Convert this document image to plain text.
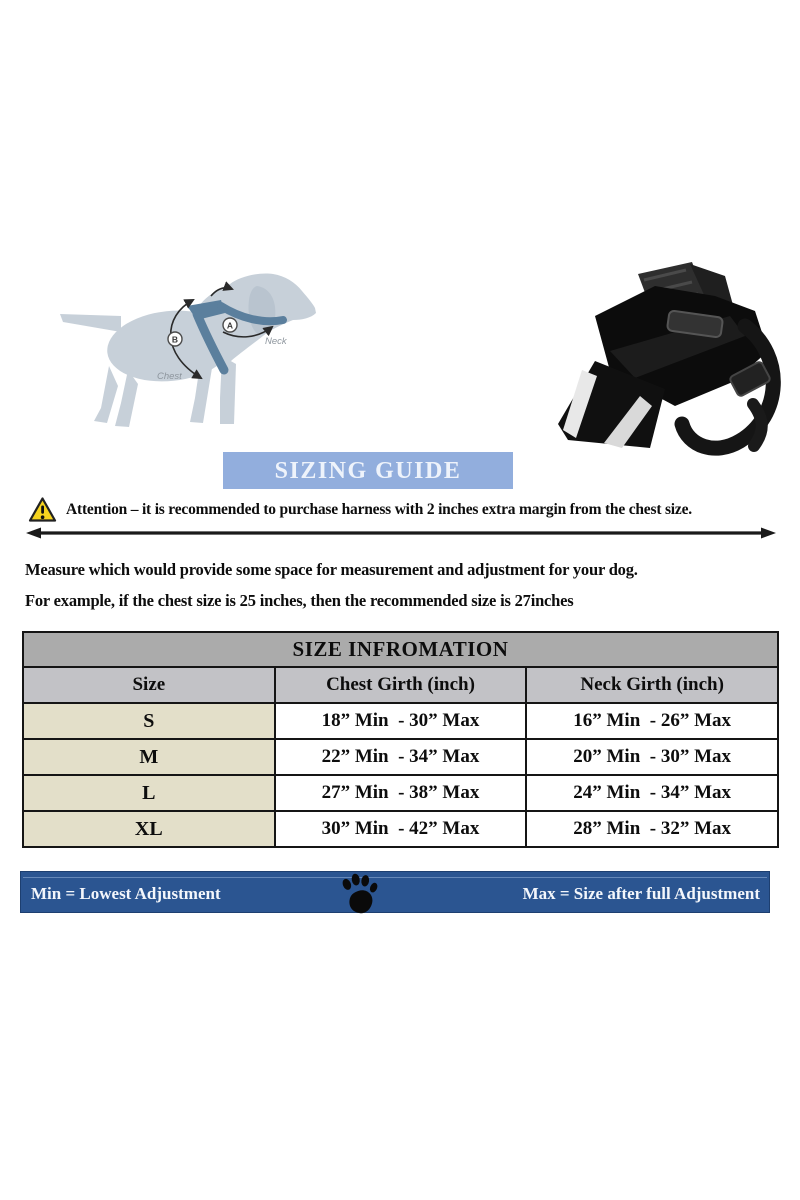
B
A
Neck
Chest
SIZING GUIDE
Attention – it is recommended to purchase harness with 2 inches extra margin from the chest size.
Measure which would provide some space for measurement and adjustment for your dog.
For example, if the chest size is 25 inches, then the recommended size is 27inches
SIZE INFROMATION		
Size	Chest Girth (inch)	Neck Girth (inch)
S	18” Min  - 30” Max	16” Min  - 26” Max
M	22” Min  - 34” Max	20” Min  - 30” Max
L	27” Min  - 38” Max	24” Min  - 34” Max
XL	30” Min  - 42” Max	28” Min  - 32” Max
Min = Lowest Adjustment	Max = Size after full Adjustment
